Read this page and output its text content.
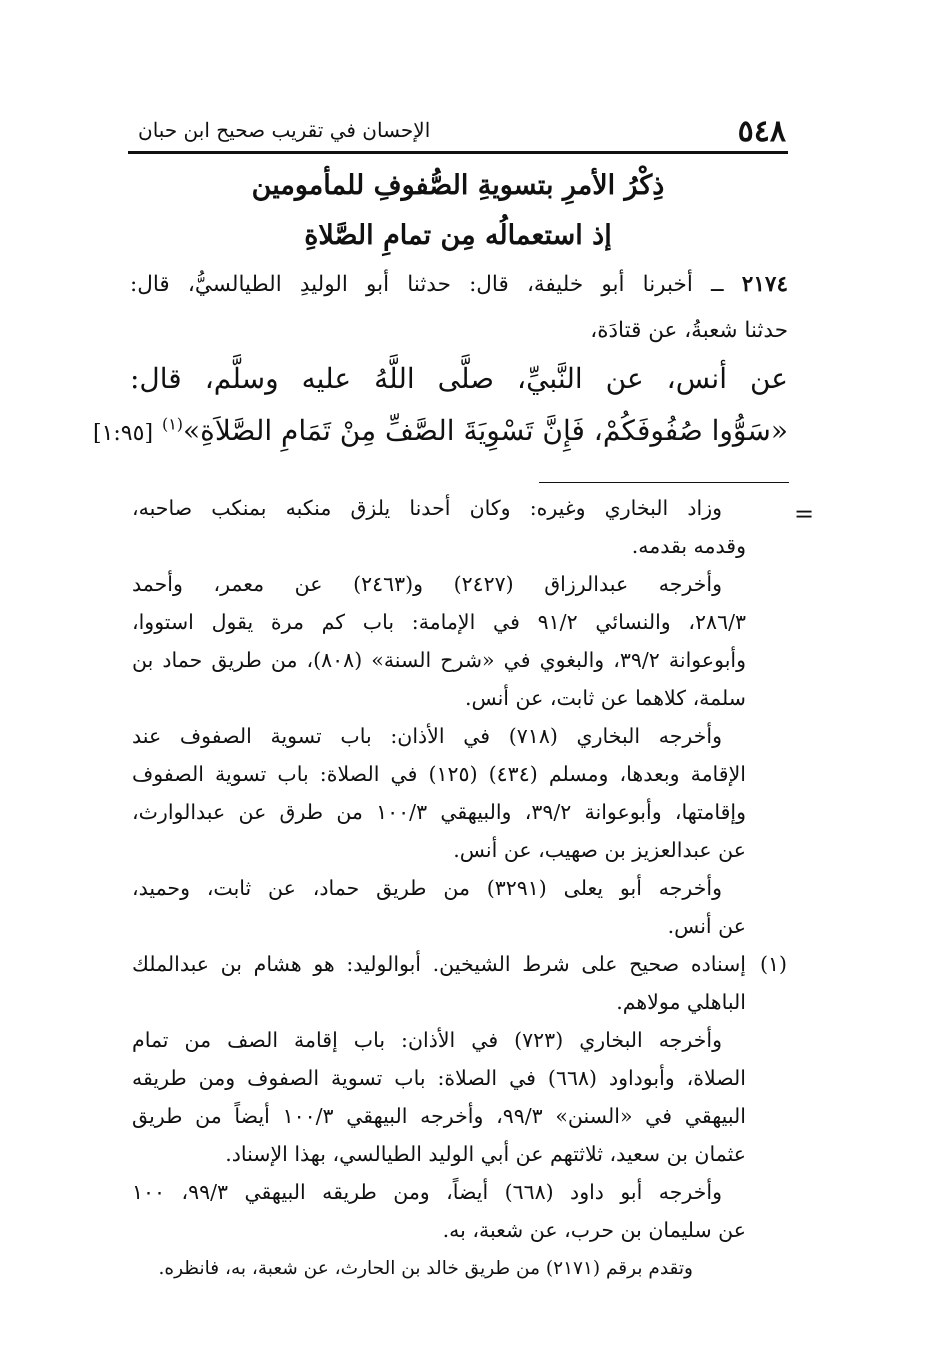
٥٤٨
الإحسان في تقريب صحيح ابن حبان
ذِكْرُ الأمرِ بتسويةِ الصُّفوفِ للمأمومين
إذ استعمالُه مِن تمامِ الصَّلاةِ
٢١٧٤ ــ أخبرنا أبو خليفة، قال: حدثنا أبو الوليدِ الطيالسيُّ، قال:
حدثنا شعبةُ، عن قتادَة،
عن أنس، عن النَّبيِّ، صلَّى اللَّهُ عليه وسلَّم، قال:
«سَوُّوا صُفُوفَكُمْ، فَإِنَّ تَسْوِيَةَ الصَّفِّ مِنْ تَمَامِ الصَّلاَةِ»$^{(١)}$ [١:٩٥]
=
وزاد البخاري وغيره: وكان أحدنا يلزق منكبه بمنكب صاحبه،
وقدمه بقدمه.
وأخرجه عبدالرزاق (٢٤٢٧) و(٢٤٦٣) عن معمر، وأحمد
٢٨٦/٣، والنسائي ٩١/٢ في الإمامة: باب كم مرة يقول استووا،
وأبوعوانة ٣٩/٢، والبغوي في «شرح السنة» (٨٠٨)، من طريق حماد بن
سلمة، كلاهما عن ثابت، عن أنس.
وأخرجه البخاري (٧١٨) في الأذان: باب تسوية الصفوف عند
الإقامة وبعدها، ومسلم (٤٣٤) (١٢٥) في الصلاة: باب تسوية الصفوف
وإقامتها، وأبوعوانة ٣٩/٢، والبيهقي ١٠٠/٣ من طرق عن عبدالوارث،
عن عبدالعزيز بن صهيب، عن أنس.
وأخرجه أبو يعلى (٣٢٩١) من طريق حماد، عن ثابت، وحميد،
عن أنس.
(١)
إسناده صحيح على شرط الشيخين. أبوالوليد: هو هشام بن عبدالملك
الباهلي مولاهم.
وأخرجه البخاري (٧٢٣) في الأذان: باب إقامة الصف من تمام
الصلاة، وأبوداود (٦٦٨) في الصلاة: باب تسوية الصفوف ومن طريقه
البيهقي في «السنن» ٩٩/٣، وأخرجه البيهقي ١٠٠/٣ أيضاً من طريق
عثمان بن سعيد، ثلاثتهم عن أبي الوليد الطيالسي، بهذا الإسناد.
وأخرجه أبو داود (٦٦٨) أيضاً، ومن طريقه البيهقي ٩٩/٣، ١٠٠
عن سليمان بن حرب، عن شعبة، به.
وتقدم برقم (٢١٧١) من طريق خالد بن الحارث، عن شعبة، به، فانظره.
